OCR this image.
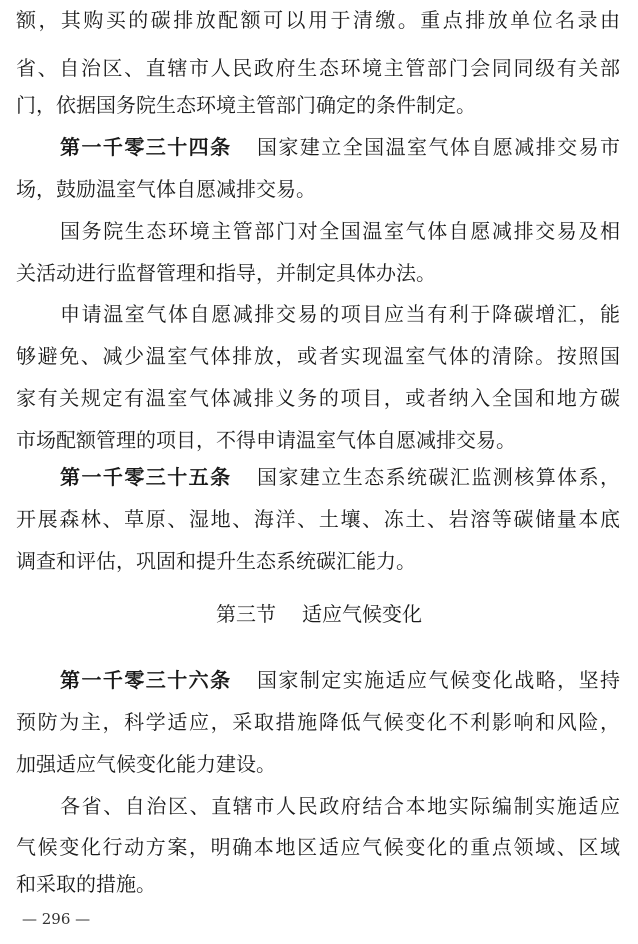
额，其购买的碳排放配额可以用于清缴。重点排放单位名录由
省、自治区、直辖市人民政府生态环境主管部门会同同级有关部
门，依据国务院生态环境主管部门确定的条件制定。
第一千零三十四条 国家建立全国温室气体自愿减排交易市
场，鼓励温室气体自愿减排交易。
国务院生态环境主管部门对全国温室气体自愿减排交易及相
关活动进行监督管理和指导，并制定具体办法。
申请温室气体自愿减排交易的项目应当有利于降碳增汇，能
够避免、减少温室气体排放，或者实现温室气体的清除。按照国
家有关规定有温室气体减排义务的项目，或者纳入全国和地方碳
市场配额管理的项目，不得申请温室气体自愿减排交易。
第一千零三十五条 国家建立生态系统碳汇监测核算体系，
开展森林、草原、湿地、海洋、土壤、冻土、岩溶等碳储量本底
调查和评估，巩固和提升生态系统碳汇能力。
第三节 适应气候变化
第一千零三十六条 国家制定实施适应气候变化战略，坚持
预防为主，科学适应，采取措施降低气候变化不利影响和风险，
加强适应气候变化能力建设。
各省、自治区、直辖市人民政府结合本地实际编制实施适应
气候变化行动方案，明确本地区适应气候变化的重点领域、区域
和采取的措施。
— 296 —
